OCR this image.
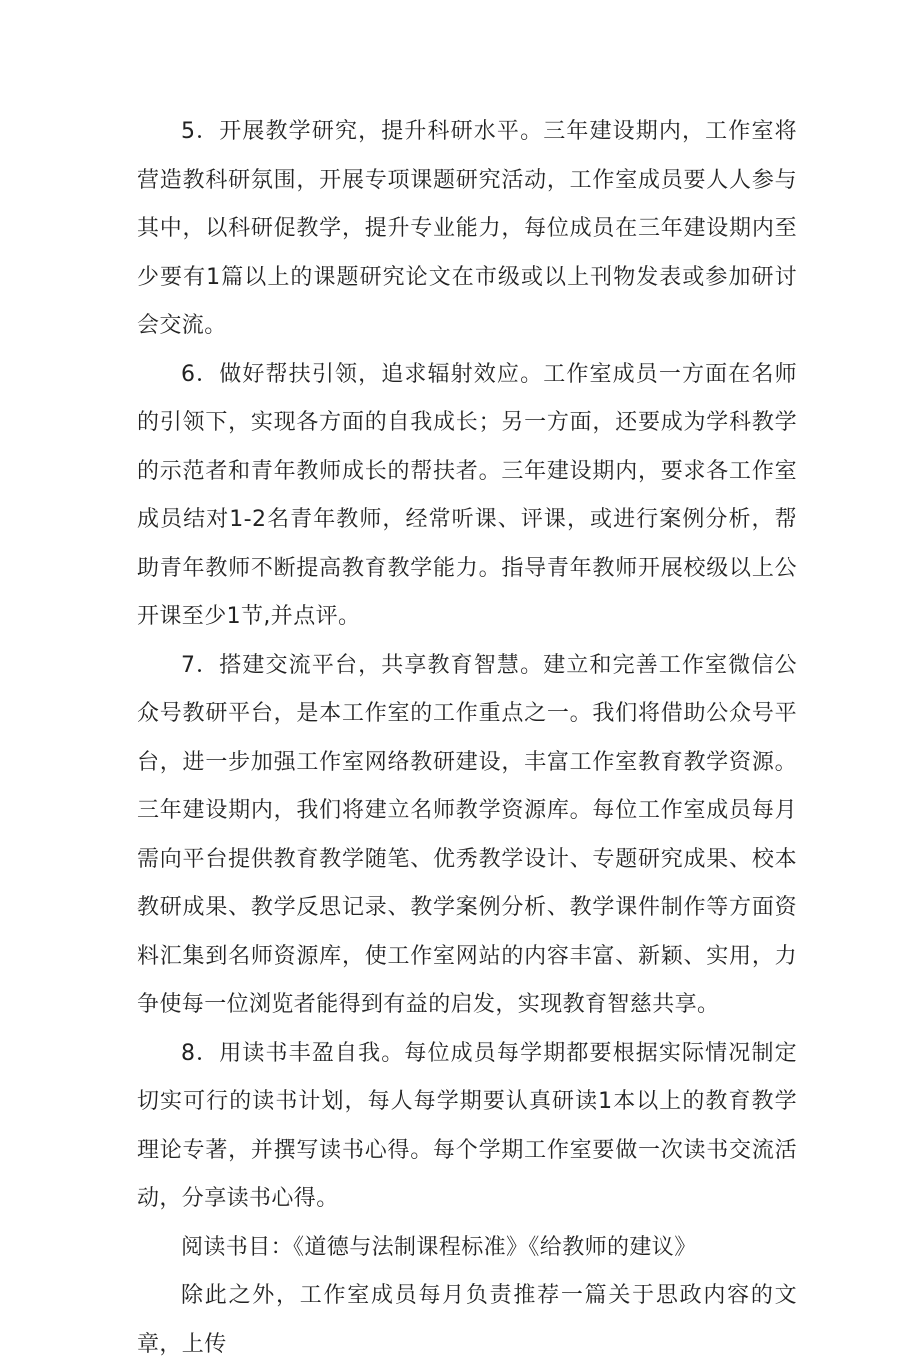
5．开展教学研究，提升科研水平。三年建设期内，工作室将营造教科研氛围，开展专项课题研究活动，工作室成员要人人参与其中，以科研促教学，提升专业能力，每位成员在三年建设期内至少要有1篇以上的课题研究论文在市级或以上刊物发表或参加研讨会交流。

6．做好帮扶引领，追求辐射效应。工作室成员一方面在名师的引领下，实现各方面的自我成长；另一方面，还要成为学科教学的示范者和青年教师成长的帮扶者。三年建设期内，要求各工作室成员结对1-2名青年教师，经常听课、评课，或进行案例分析，帮助青年教师不断提高教育教学能力。指导青年教师开展校级以上公开课至少1节,并点评。

7．搭建交流平台，共享教育智慧。建立和完善工作室微信公众号教研平台，是本工作室的工作重点之一。我们将借助公众号平台，进一步加强工作室网络教研建设，丰富工作室教育教学资源。三年建设期内，我们将建立名师教学资源库。每位工作室成员每月需向平台提供教育教学随笔、优秀教学设计、专题研究成果、校本教研成果、教学反思记录、教学案例分析、教学课件制作等方面资料汇集到名师资源库，使工作室网站的内容丰富、新颖、实用，力争使每一位浏览者能得到有益的启发，实现教育智慈共享。

8．用读书丰盈自我。每位成员每学期都要根据实际情况制定切实可行的读书计划，每人每学期要认真研读1本以上的教育教学理论专著，并撰写读书心得。每个学期工作室要做一次读书交流活动，分享读书心得。

阅读书目：《道德与法制课程标准》《给教师的建议》

除此之外，工作室成员每月负责推荐一篇关于思政内容的文章，上传
